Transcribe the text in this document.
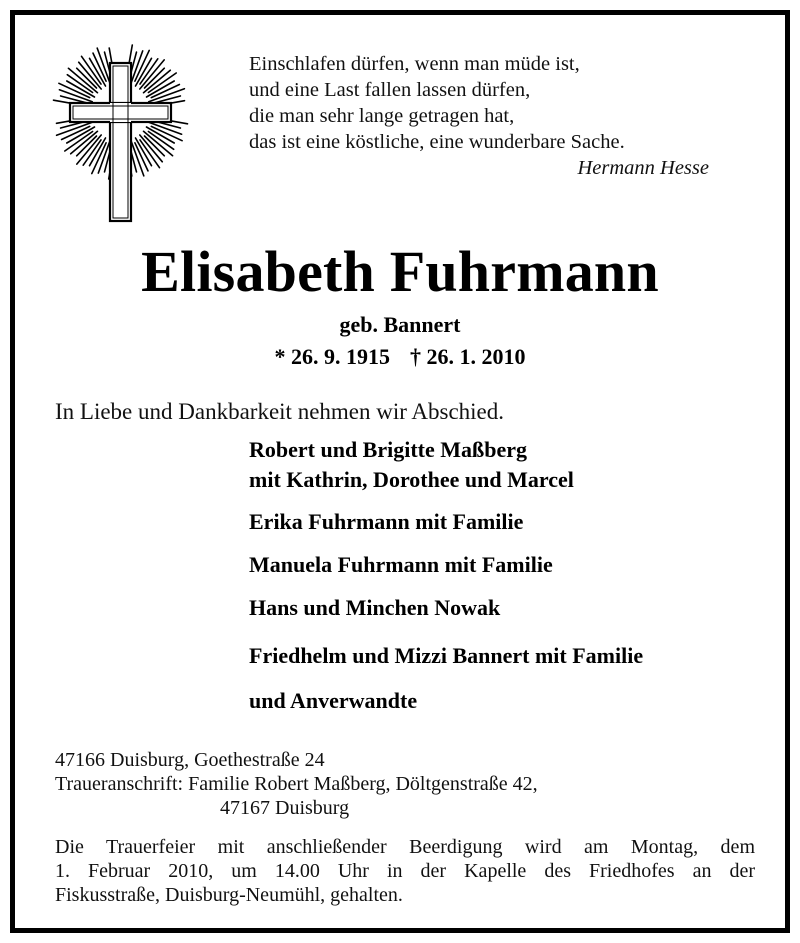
Einschlafen dürfen, wenn man müde ist,
und eine Last fallen lassen dürfen,
die man sehr lange getragen hat,
das ist eine köstliche, eine wunderbare Sache.
Hermann Hesse
Elisabeth Fuhrmann
geb. Bannert
* 26. 9. 1915 † 26. 1. 2010
In Liebe und Dankbarkeit nehmen wir Abschied.
Robert und Brigitte Maßberg
mit Kathrin, Dorothee und Marcel
Erika Fuhrmann mit Familie
Manuela Fuhrmann mit Familie
Hans und Minchen Nowak
Friedhelm und Mizzi Bannert mit Familie
und Anverwandte
47166 Duisburg, Goethestraße 24
Traueranschrift: Familie Robert Maßberg, Döltgenstraße 42,
47167 Duisburg
Die Trauerfeier mit anschließender Beerdigung wird am Montag, dem
1. Februar 2010, um 14.00 Uhr in der Kapelle des Friedhofes an der
Fiskusstraße, Duisburg-Neumühl, gehalten.
